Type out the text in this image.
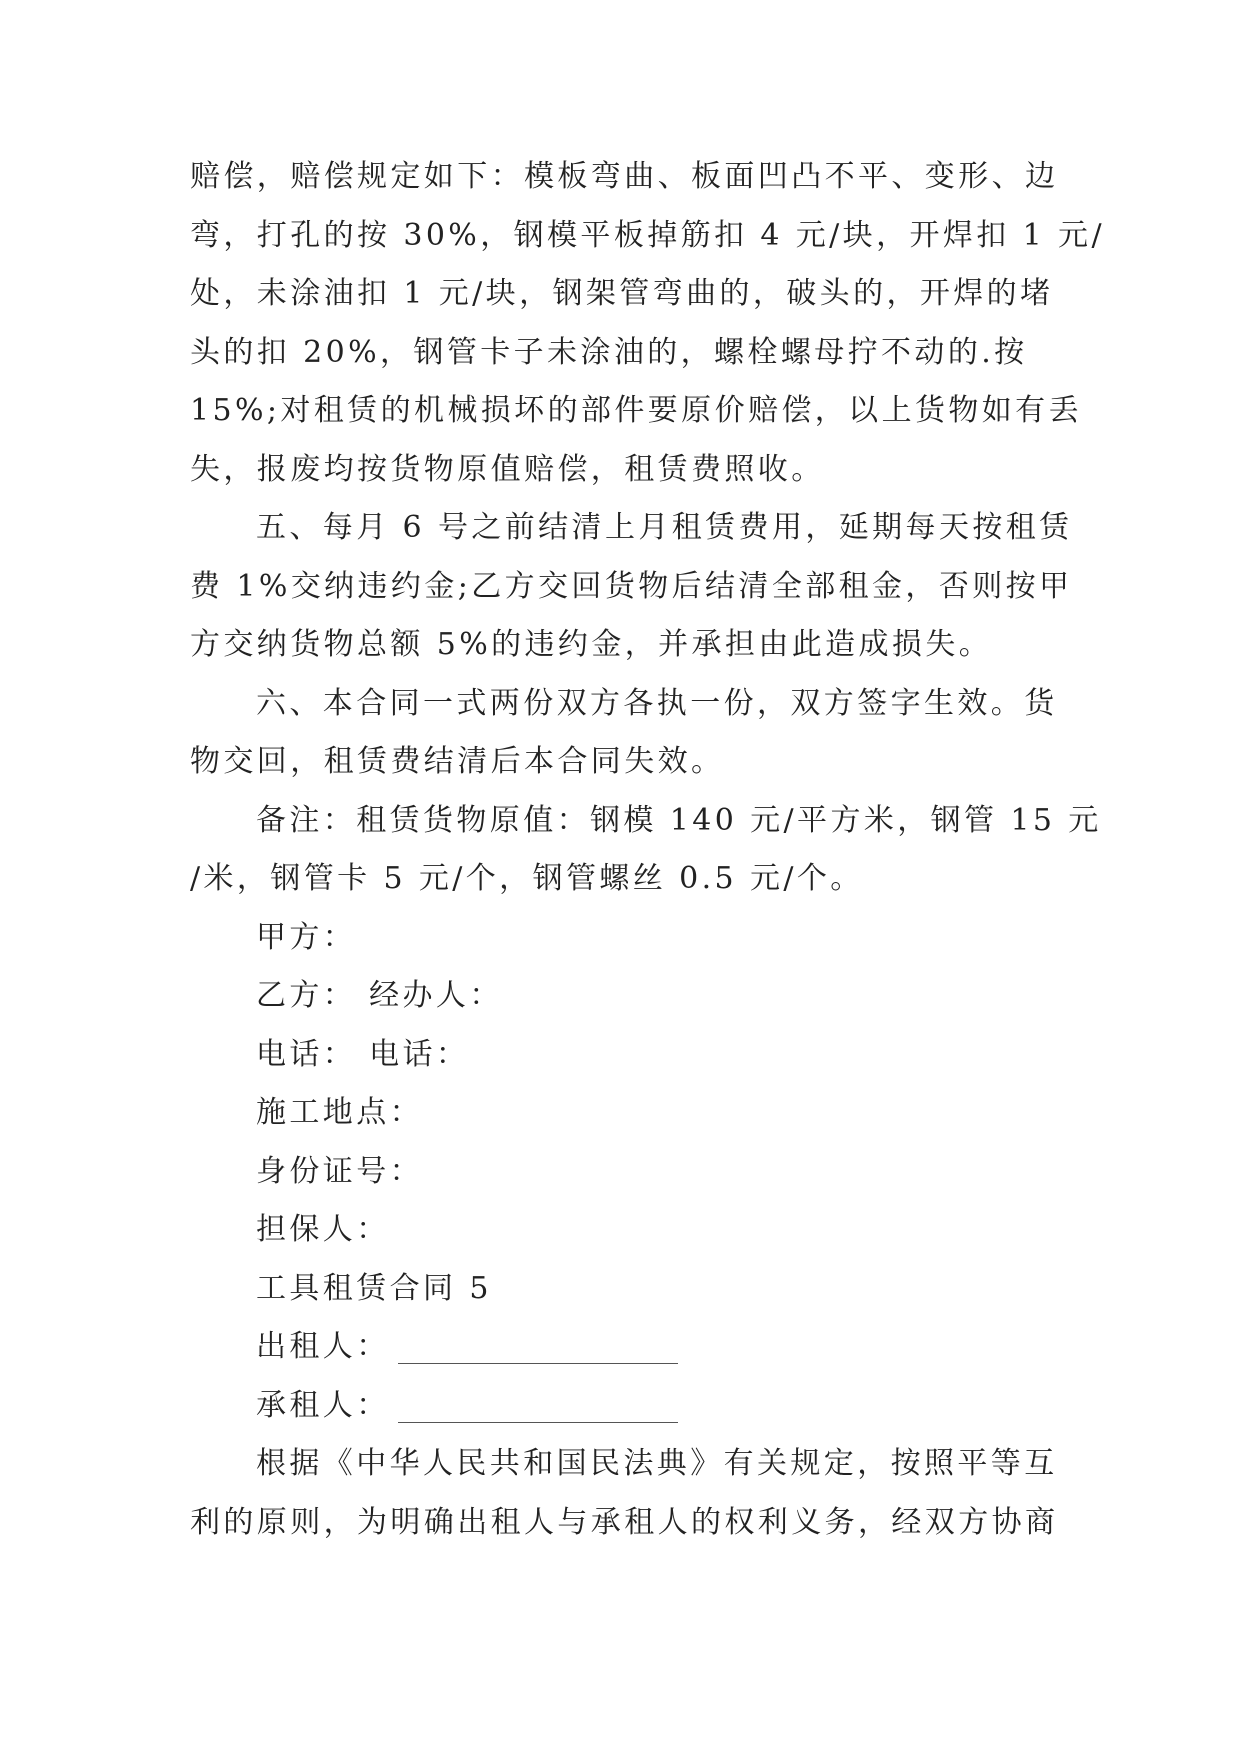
赔偿，赔偿规定如下：模板弯曲、板面凹凸不平、变形、边
弯，打孔的按 30%，钢模平板掉筋扣 4 元/块，开焊扣 1 元/
处，未涂油扣 1 元/块，钢架管弯曲的，破头的，开焊的堵
头的扣 20%，钢管卡子未涂油的，螺栓螺母拧不动的.按
15%;对租赁的机械损坏的部件要原价赔偿，以上货物如有丢
失，报废均按货物原值赔偿，租赁费照收。
五、每月 6 号之前结清上月租赁费用，延期每天按租赁
费 1%交纳违约金;乙方交回货物后结清全部租金，否则按甲
方交纳货物总额 5%的违约金，并承担由此造成损失。
六、本合同一式两份双方各执一份，双方签字生效。货
物交回，租赁费结清后本合同失效。
备注：租赁货物原值：钢模 140 元/平方米，钢管 15 元
/米，钢管卡 5 元/个，钢管螺丝 0.5 元/个。
甲方：
乙方： 经办人：
电话： 电话：
施工地点：
身份证号：
担保人：
工具租赁合同 5
出租人：
承租人：
根据《中华人民共和国民法典》有关规定，按照平等互
利的原则，为明确出租人与承租人的权利义务，经双方协商
